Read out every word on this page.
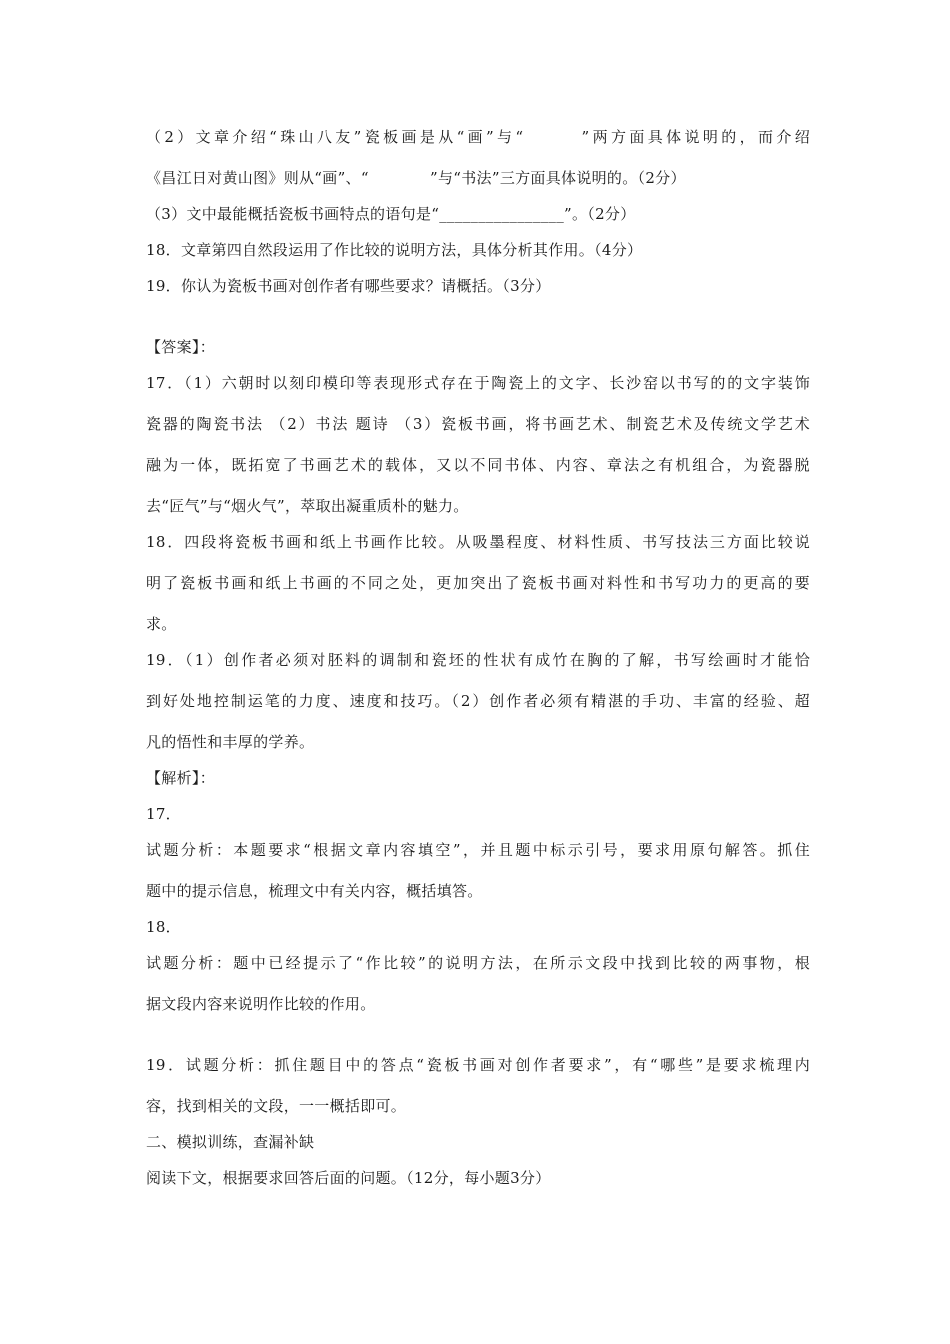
（2）文章介绍“珠山八友”瓷板画是从“画”与“　　　”两方面具体说明的，而介绍
《昌江日对黄山图》则从“画”、“　　　　”与“书法”三方面具体说明的。（2分）
（3）文中最能概括瓷板书画特点的语句是“________________”。（2分）
18．文章第四自然段运用了作比较的说明方法，具体分析其作用。（4分）
19．你认为瓷板书画对创作者有哪些要求？请概括。（3分）
【答案】：
17．（1）六朝时以刻印模印等表现形式存在于陶瓷上的文字、长沙窑以书写的的文字装饰
瓷器的陶瓷书法 （2）书法 题诗 （3）瓷板书画，将书画艺术、制瓷艺术及传统文学艺术
融为一体，既拓宽了书画艺术的载体，又以不同书体、内容、章法之有机组合，为瓷器脱
去“匠气”与“烟火气”，萃取出凝重质朴的魅力。
18．四段将瓷板书画和纸上书画作比较。从吸墨程度、材料性质、书写技法三方面比较说
明了瓷板书画和纸上书画的不同之处，更加突出了瓷板书画对料性和书写功力的更高的要
求。
19．（1）创作者必须对胚料的调制和瓷坯的性状有成竹在胸的了解，书写绘画时才能恰
到好处地控制运笔的力度、速度和技巧。（2）创作者必须有精湛的手功、丰富的经验、超
凡的悟性和丰厚的学养。
【解析】：
17．
试题分析：本题要求“根据文章内容填空”，并且题中标示引号，要求用原句解答。抓住
题中的提示信息，梳理文中有关内容，概括填答。
18．
试题分析：题中已经提示了“作比较”的说明方法，在所示文段中找到比较的两事物，根
据文段内容来说明作比较的作用。
19．试题分析：抓住题目中的答点“瓷板书画对创作者要求”，有“哪些”是要求梳理内
容，找到相关的文段，一一概括即可。
二、模拟训练，查漏补缺
阅读下文，根据要求回答后面的问题。（12分，每小题3分）
